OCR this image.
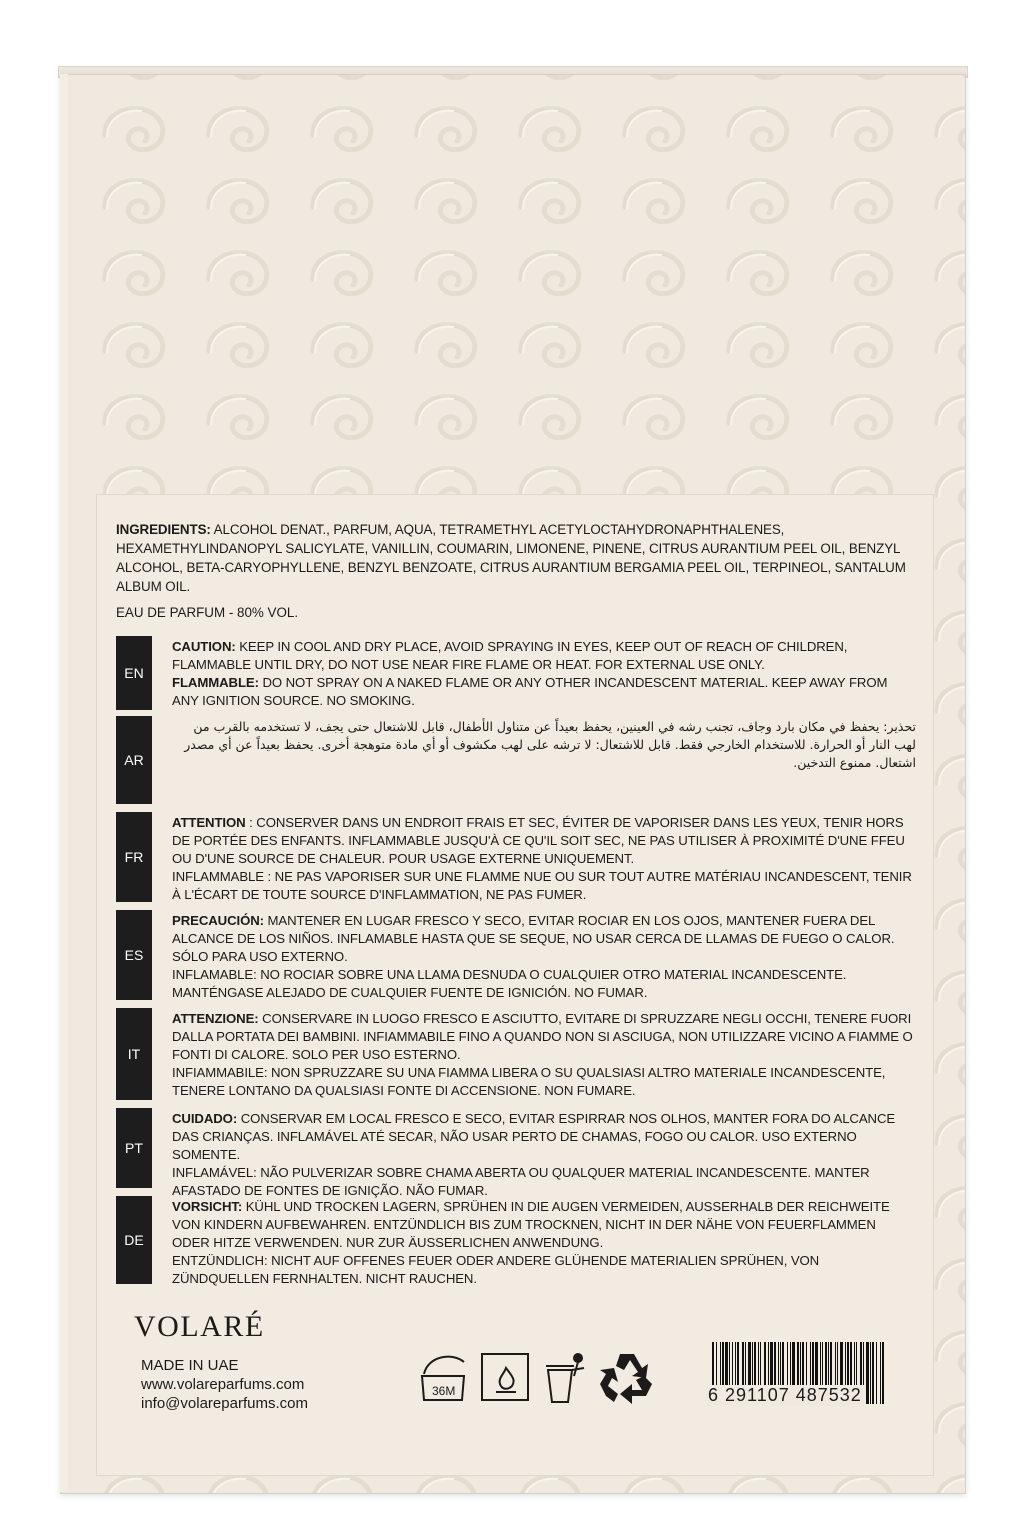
INGREDIENTS: ALCOHOL DENAT., PARFUM, AQUA, TETRAMETHYL ACETYLOCTAHYDRONAPHTHALENES, HEXAMETHYLINDANOPYL SALICYLATE, VANILLIN, COUMARIN, LIMONENE, PINENE, CITRUS AURANTIUM PEEL OIL, BENZYL ALCOHOL, BETA-CARYOPHYLLENE, BENZYL BENZOATE, CITRUS AURANTIUM BERGAMIA PEEL OIL, TERPINEOL, SANTALUM ALBUM OIL.
EAU DE PARFUM - 80% VOL.
EN
CAUTION: KEEP IN COOL AND DRY PLACE, AVOID SPRAYING IN EYES, KEEP OUT OF REACH OF CHILDREN, FLAMMABLE UNTIL DRY, DO NOT USE NEAR FIRE FLAME OR HEAT. FOR EXTERNAL USE ONLY.
FLAMMABLE: DO NOT SPRAY ON A NAKED FLAME OR ANY OTHER INCANDESCENT MATERIAL. KEEP AWAY FROM ANY IGNITION SOURCE. NO SMOKING.
AR
تحذير: يحفظ في مكان بارد وجاف، تجنب رشه في العينين، يحفظ بعيداً عن متناول الأطفال، قابل للاشتعال حتى يجف، لا تستخدمه بالقرب من لهب النار أو الحرارة. للاستخدام الخارجي فقط. قابل للاشتعال: لا ترشه على لهب مكشوف أو أي مادة متوهجة أخرى. يحفظ بعيداً عن أي مصدر اشتعال. ممنوع التدخين.
FR
ATTENTION : CONSERVER DANS UN ENDROIT FRAIS ET SEC, ÉVITER DE VAPORISER DANS LES YEUX, TENIR HORS DE PORTÉE DES ENFANTS. INFLAMMABLE JUSQU'À CE QU'IL SOIT SEC, NE PAS UTILISER À PROXIMITÉ D'UNE FFEU OU D'UNE SOURCE DE CHALEUR. POUR USAGE EXTERNE UNIQUEMENT.
INFLAMMABLE : NE PAS VAPORISER SUR UNE FLAMME NUE OU SUR TOUT AUTRE MATÉRIAU INCANDESCENT, TENIR À L'ÉCART DE TOUTE SOURCE D'INFLAMMATION, NE PAS FUMER.
ES
PRECAUCIÓN: MANTENER EN LUGAR FRESCO Y SECO, EVITAR ROCIAR EN LOS OJOS, MANTENER FUERA DEL ALCANCE DE LOS NIÑOS. INFLAMABLE HASTA QUE SE SEQUE, NO USAR CERCA DE LLAMAS DE FUEGO O CALOR. SÓLO PARA USO EXTERNO.
INFLAMABLE: NO ROCIAR SOBRE UNA LLAMA DESNUDA O CUALQUIER OTRO MATERIAL INCANDESCENTE. MANTÉNGASE ALEJADO DE CUALQUIER FUENTE DE IGNICIÓN. NO FUMAR.
IT
ATTENZIONE: CONSERVARE IN LUOGO FRESCO E ASCIUTTO, EVITARE DI SPRUZZARE NEGLI OCCHI, TENERE FUORI DALLA PORTATA DEI BAMBINI. INFIAMMABILE FINO A QUANDO NON SI ASCIUGA, NON UTILIZZARE VICINO A FIAMME O FONTI DI CALORE. SOLO PER USO ESTERNO.
INFIAMMABILE: NON SPRUZZARE SU UNA FIAMMA LIBERA O SU QUALSIASI ALTRO MATERIALE INCANDESCENTE, TENERE LONTANO DA QUALSIASI FONTE DI ACCENSIONE. NON FUMARE.
PT
CUIDADO: CONSERVAR EM LOCAL FRESCO E SECO, EVITAR ESPIRRAR NOS OLHOS, MANTER FORA DO ALCANCE DAS CRIANÇAS. INFLAMÁVEL ATÉ SECAR, NÃO USAR PERTO DE CHAMAS, FOGO OU CALOR. USO EXTERNO SOMENTE.
INFLAMÁVEL: NÃO PULVERIZAR SOBRE CHAMA ABERTA OU QUALQUER MATERIAL INCANDESCENTE. MANTER AFASTADO DE FONTES DE IGNIÇÃO. NÃO FUMAR.
DE
VORSICHT: KÜHL UND TROCKEN LAGERN, SPRÜHEN IN DIE AUGEN VERMEIDEN, AUSSERHALB DER REICHWEITE VON KINDERN AUFBEWAHREN. ENTZÜNDLICH BIS ZUM TROCKNEN, NICHT IN DER NÄHE VON FEUERFLAMMEN ODER HITZE VERWENDEN. NUR ZUR ÄUSSERLICHEN ANWENDUNG.
ENTZÜNDLICH: NICHT AUF OFFENES FEUER ODER ANDERE GLÜHENDE MATERIALIEN SPRÜHEN, VON ZÜNDQUELLEN FERNHALTEN. NICHT RAUCHEN.
VOLARÉ
MADE IN UAE
www.volareparfums.com
info@volareparfums.com
36M	6 291107 487532
